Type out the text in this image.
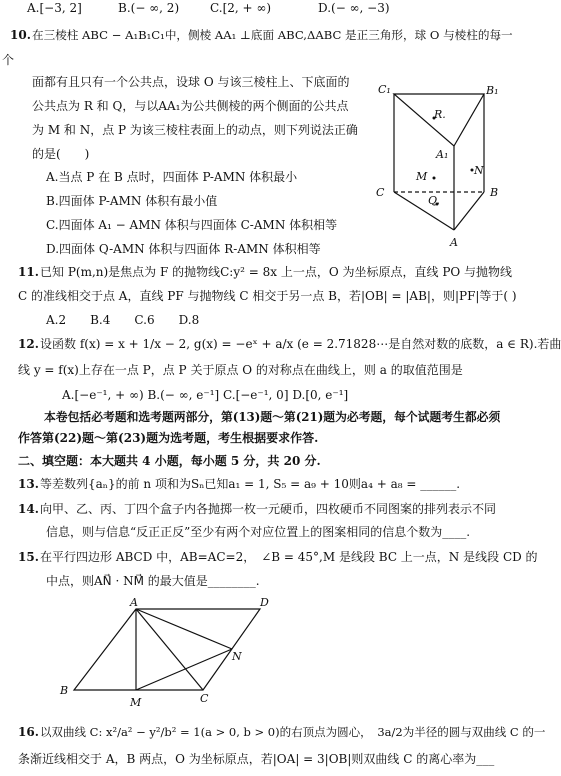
A.[−3, 2]	B.(− ∞, 2)	C.[2, + ∞)	D.(− ∞, −3)
10. 在三棱柱 ABC − A₁B₁C₁中，侧棱 AA₁ ⊥底面 ABC,ΔABC 是正三角形，球 O 与棱柱的每一
个
面都有且只有一个公共点，设球 O 与该三棱柱上、下底面的
公共点为 R 和 Q，与以AA₁为公共侧棱的两个侧面的公共点
为 M 和 N，点 P 为该三棱柱表面上的动点，则下列说法正确
的是(　　)
A.当点 P 在 B 点时，四面体 P-AMN 体积最小
B.四面体 P-AMN 体积有最小值
C.四面体 A₁ − AMN 体积与四面体 C-AMN 体积相等
D.四面体 Q-AMN 体积与四面体 R-AMN 体积相等
C₁	B₁
R.
A₁
M	N
C	B
Q.
A
11. 已知 P(m,n)是焦点为 F 的抛物线C:y² = 8x 上一点，O 为坐标原点，直线 PO 与抛物线
C 的准线相交于点 A，直线 PF 与抛物线 C 相交于另一点 B，若|OB| = |AB|，则|PF|等于( )
A.2　　B.4　　C.6　　D.8
12. 设函数 f(x) = x + 1/x − 2, g(x) = −eˣ + a/x (e = 2.71828⋯是自然对数的底数，a ∈ R).若曲
线 y = f(x)上存在一点 P，点 P 关于原点 O 的对称点在曲线上，则 a 的取值范围是
A.[−e⁻¹, + ∞) B.(− ∞, e⁻¹] C.[−e⁻¹, 0] D.[0, e⁻¹]
本卷包括必考题和选考题两部分，第(13)题～第(21)题为必考题，每个试题考生都必须
作答第(22)题～第(23)题为选考题，考生根据要求作答.
二、填空题：本大题共 4 小题，每小题 5 分，共 20 分.
13. 等差数列{aₙ}的前 n 项和为Sₙ已知a₁ = 1, S₅ = a₉ + 10则a₄ + a₈ = ______.
14. 向甲、乙、丙、丁四个盒子内各抛掷一枚一元硬币，四枚硬币不同图案的排列表示不同
信息，则与信息“反正正反”至少有两个对应位置上的图案相同的信息个数为____.
15. 在平行四边形 ABCD 中，AB=AC=2，　∠B = 45°,M 是线段 BC 上一点，N 是线段 CD 的
中点，则AN⃗ · NM⃗ 的最大值是________.
A	D
N
B
M	C
16. 以双曲线 C: x²/a² − y²/b² = 1(a > 0, b > 0)的右顶点为圆心，　3a/2为半径的圆与双曲线 C 的一
条渐近线相交于 A，B 两点，O 为坐标原点，若|OA| = 3|OB|则双曲线 C 的离心率为___
